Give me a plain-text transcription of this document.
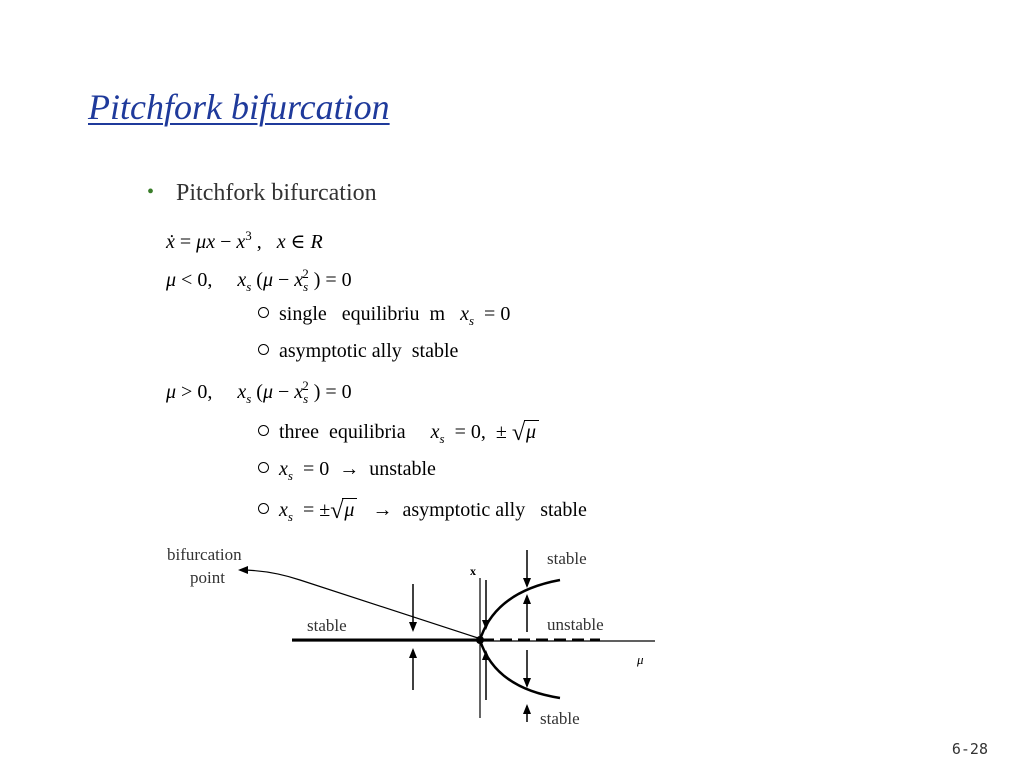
Pitchfork bifurcation
• Pitchfork bifurcation
ẋ = $\mu x - x^3$ ,   x ∈ R
μ < 0,     $x_s$ ($\mu - x_s^2$ ) = 0
single   equilibriu  m   $x_s = 0$
asymptotic ally  stable
μ > 0,     $x_s$ ($\mu - x_s^2$ ) = 0
three  equilibria     $x_s = 0$,  ± √μ
$x_s = 0$  →  unstable
$x_s = \pm√\mu$   →  asymptotic ally   stable
bifurcation
point
stable
stable
unstable
stable
μ
x
6-28
